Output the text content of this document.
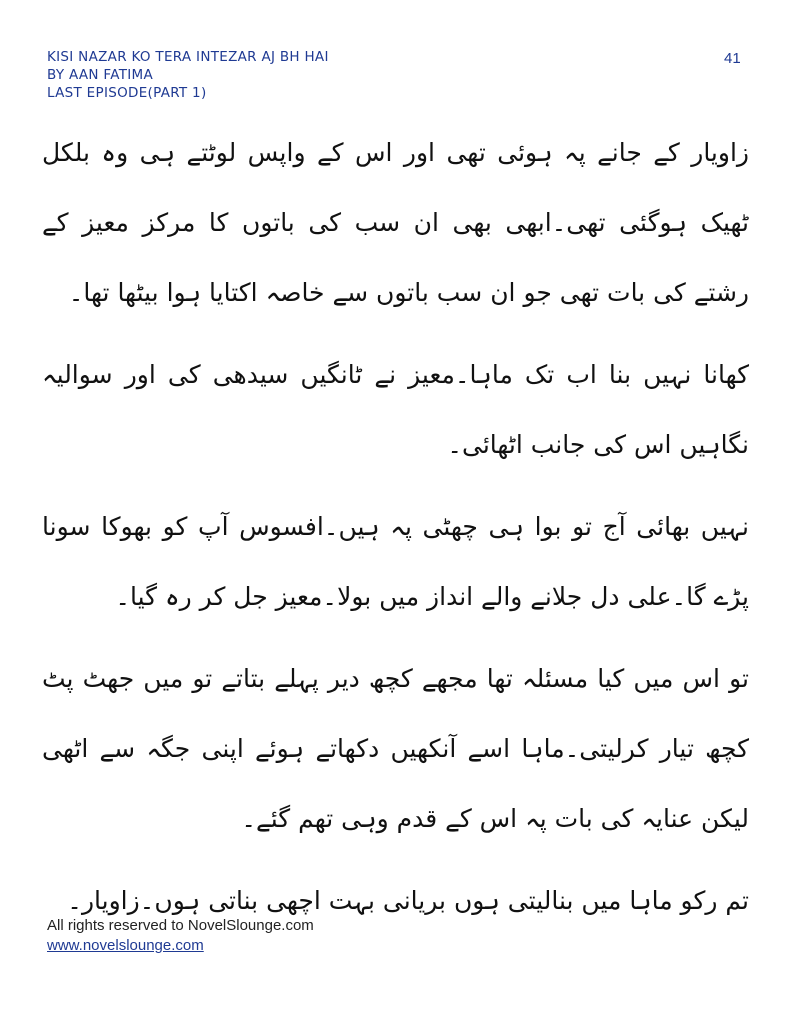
KISI NAZAR KO TERA INTEZAR AJ BH HAI
BY AAN FATIMA
LAST EPISODE(PART 1)
41

زاویار کے جانے پہ ہوئی تھی اور اس کے واپس لوٹتے ہی وہ بلکل ٹھیک ہوگئی تھی۔ابھی بھی ان سب کی باتوں کا مرکز معیز کے رشتے کی بات تھی جو ان سب باتوں سے خاصہ اکتایا ہوا بیٹھا تھا۔

کھانا نہیں بنا اب تک ماہا۔معیز نے ٹانگیں سیدھی کی اور سوالیہ نگاہیں اس کی جانب اٹھائی۔

نہیں بھائی آج تو بوا ہی چھٹی پہ ہیں۔افسوس آپ کو بھوکا سونا پڑے گا۔علی دل جلانے والے انداز میں بولا۔معیز جل کر رہ گیا۔

تو اس میں کیا مسئلہ تھا مجھے کچھ دیر پہلے بتاتے تو میں جھٹ پٹ کچھ تیار کرلیتی۔ماہا اسے آنکھیں دکھاتے ہوئے اپنی جگہ سے اٹھی لیکن عنایہ کی بات پہ اس کے قدم وہی تھم گئے۔

تم رکو ماہا میں بنالیتی ہوں بریانی بہت اچھی بناتی ہوں۔زاویار۔

All rights reserved to NovelSlounge.com
www.novelslounge.com
